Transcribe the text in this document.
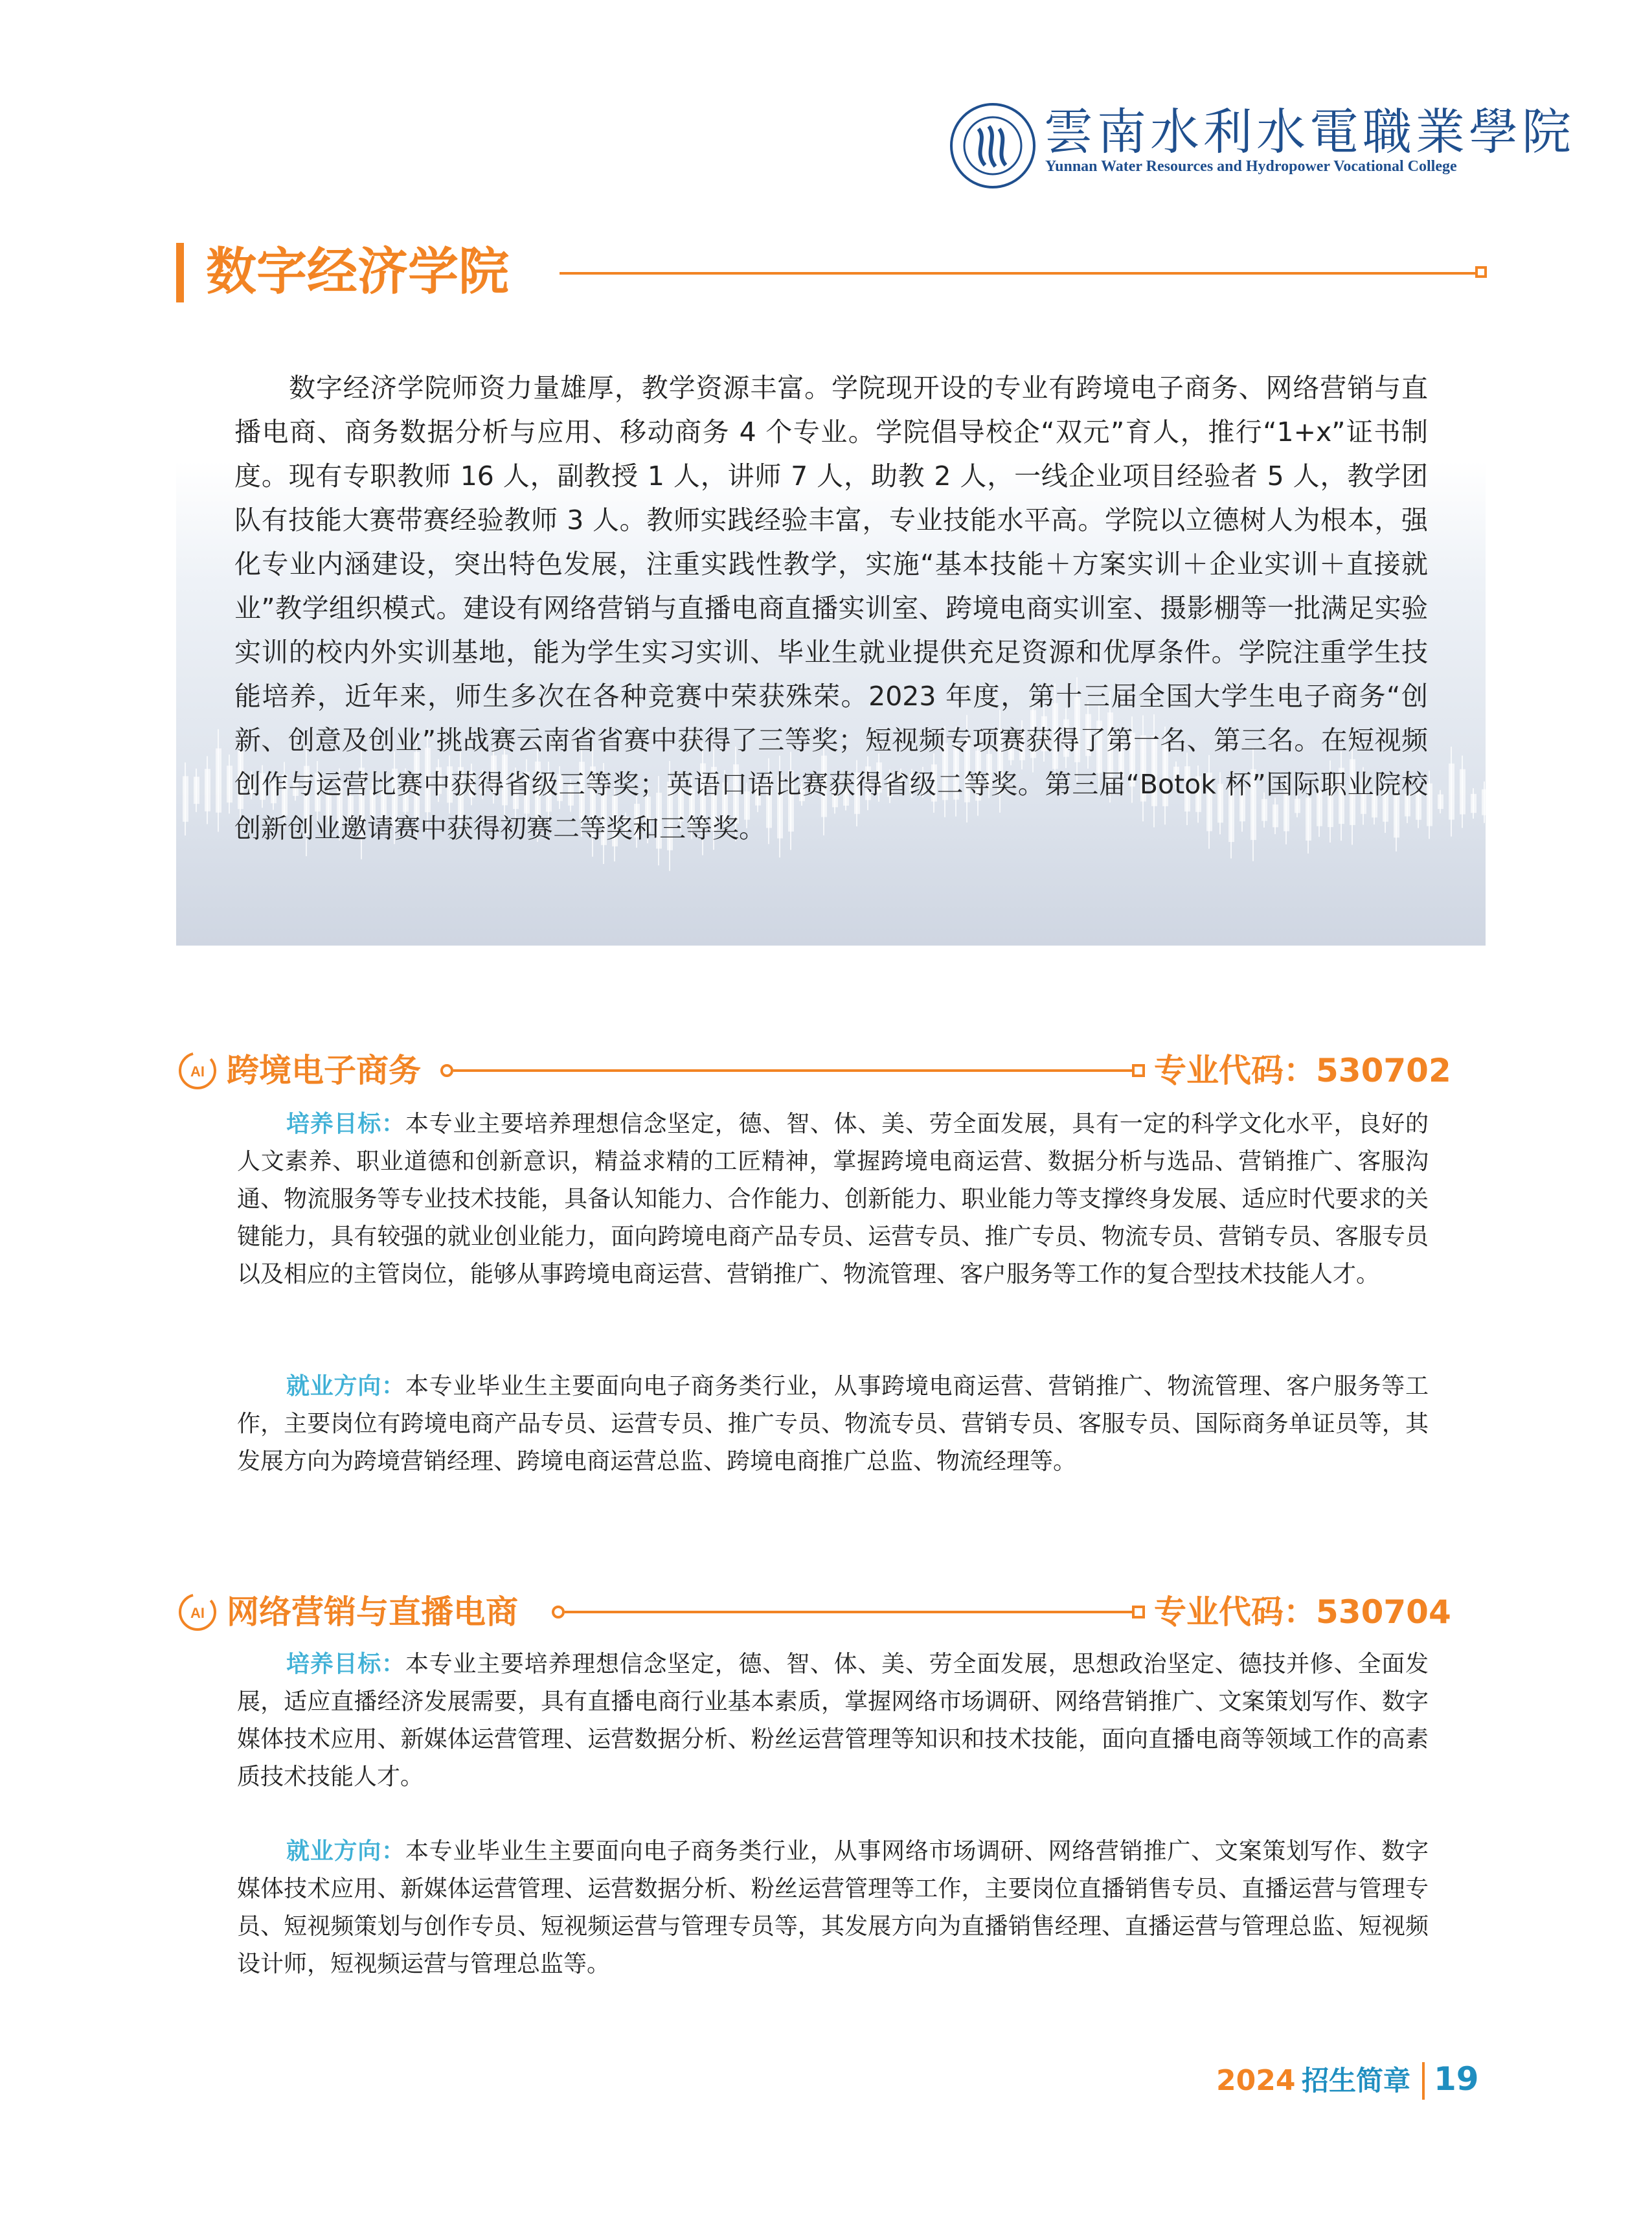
雲南水利水電職業學院
Yunnan Water Resources and Hydropower Vocational College
数字经济学院
数字经济学院师资力量雄厚，教学资源丰富。学院现开设的专业有跨境电子商务、网络营销与直播电商、商务数据分析与应用、移动商务 4 个专业。学院倡导校企“双元”育人，推行“1+x”证书制度。现有专职教师 16 人，副教授 1 人，讲师 7 人，助教 2 人，一线企业项目经验者 5 人，教学团队有技能大赛带赛经验教师 3 人。教师实践经验丰富，专业技能水平高。学院以立德树人为根本，强化专业内涵建设，突出特色发展，注重实践性教学，实施“基本技能＋方案实训＋企业实训＋直接就业”教学组织模式。建设有网络营销与直播电商直播实训室、跨境电商实训室、摄影棚等一批满足实验实训的校内外实训基地，能为学生实习实训、毕业生就业提供充足资源和优厚条件。学院注重学生技能培养，近年来，师生多次在各种竞赛中荣获殊荣。2023 年度，第十三届全国大学生电子商务“创新、创意及创业”挑战赛云南省省赛中获得了三等奖；短视频专项赛获得了第一名、第三名。在短视频创作与运营比赛中获得省级三等奖；英语口语比赛获得省级二等奖。第三届“Botok 杯”国际职业院校创新创业邀请赛中获得初赛二等奖和三等奖。
AI 跨境电子商务	专业代码：530702
培养目标：本专业主要培养理想信念坚定，德、智、体、美、劳全面发展，具有一定的科学文化水平，良好的人文素养、职业道德和创新意识，精益求精的工匠精神，掌握跨境电商运营、数据分析与选品、营销推广、客服沟通、物流服务等专业技术技能，具备认知能力、合作能力、创新能力、职业能力等支撑终身发展、适应时代要求的关键能力，具有较强的就业创业能力，面向跨境电商产品专员、运营专员、推广专员、物流专员、营销专员、客服专员以及相应的主管岗位，能够从事跨境电商运营、营销推广、物流管理、客户服务等工作的复合型技术技能人才。
就业方向：本专业毕业生主要面向电子商务类行业，从事跨境电商运营、营销推广、物流管理、客户服务等工作，主要岗位有跨境电商产品专员、运营专员、推广专员、物流专员、营销专员、客服专员、国际商务单证员等，其发展方向为跨境营销经理、跨境电商运营总监、跨境电商推广总监、物流经理等。
AI 网络营销与直播电商	专业代码：530704
培养目标：本专业主要培养理想信念坚定，德、智、体、美、劳全面发展，思想政治坚定、德技并修、全面发展，适应直播经济发展需要，具有直播电商行业基本素质，掌握网络市场调研、网络营销推广、文案策划写作、数字媒体技术应用、新媒体运营管理、运营数据分析、粉丝运营管理等知识和技术技能，面向直播电商等领域工作的高素质技术技能人才。
就业方向：本专业毕业生主要面向电子商务类行业，从事网络市场调研、网络营销推广、文案策划写作、数字媒体技术应用、新媒体运营管理、运营数据分析、粉丝运营管理等工作，主要岗位直播销售专员、直播运营与管理专员、短视频策划与创作专员、短视频运营与管理专员等，其发展方向为直播销售经理、直播运营与管理总监、短视频设计师，短视频运营与管理总监等。
2024 招生简章 19
